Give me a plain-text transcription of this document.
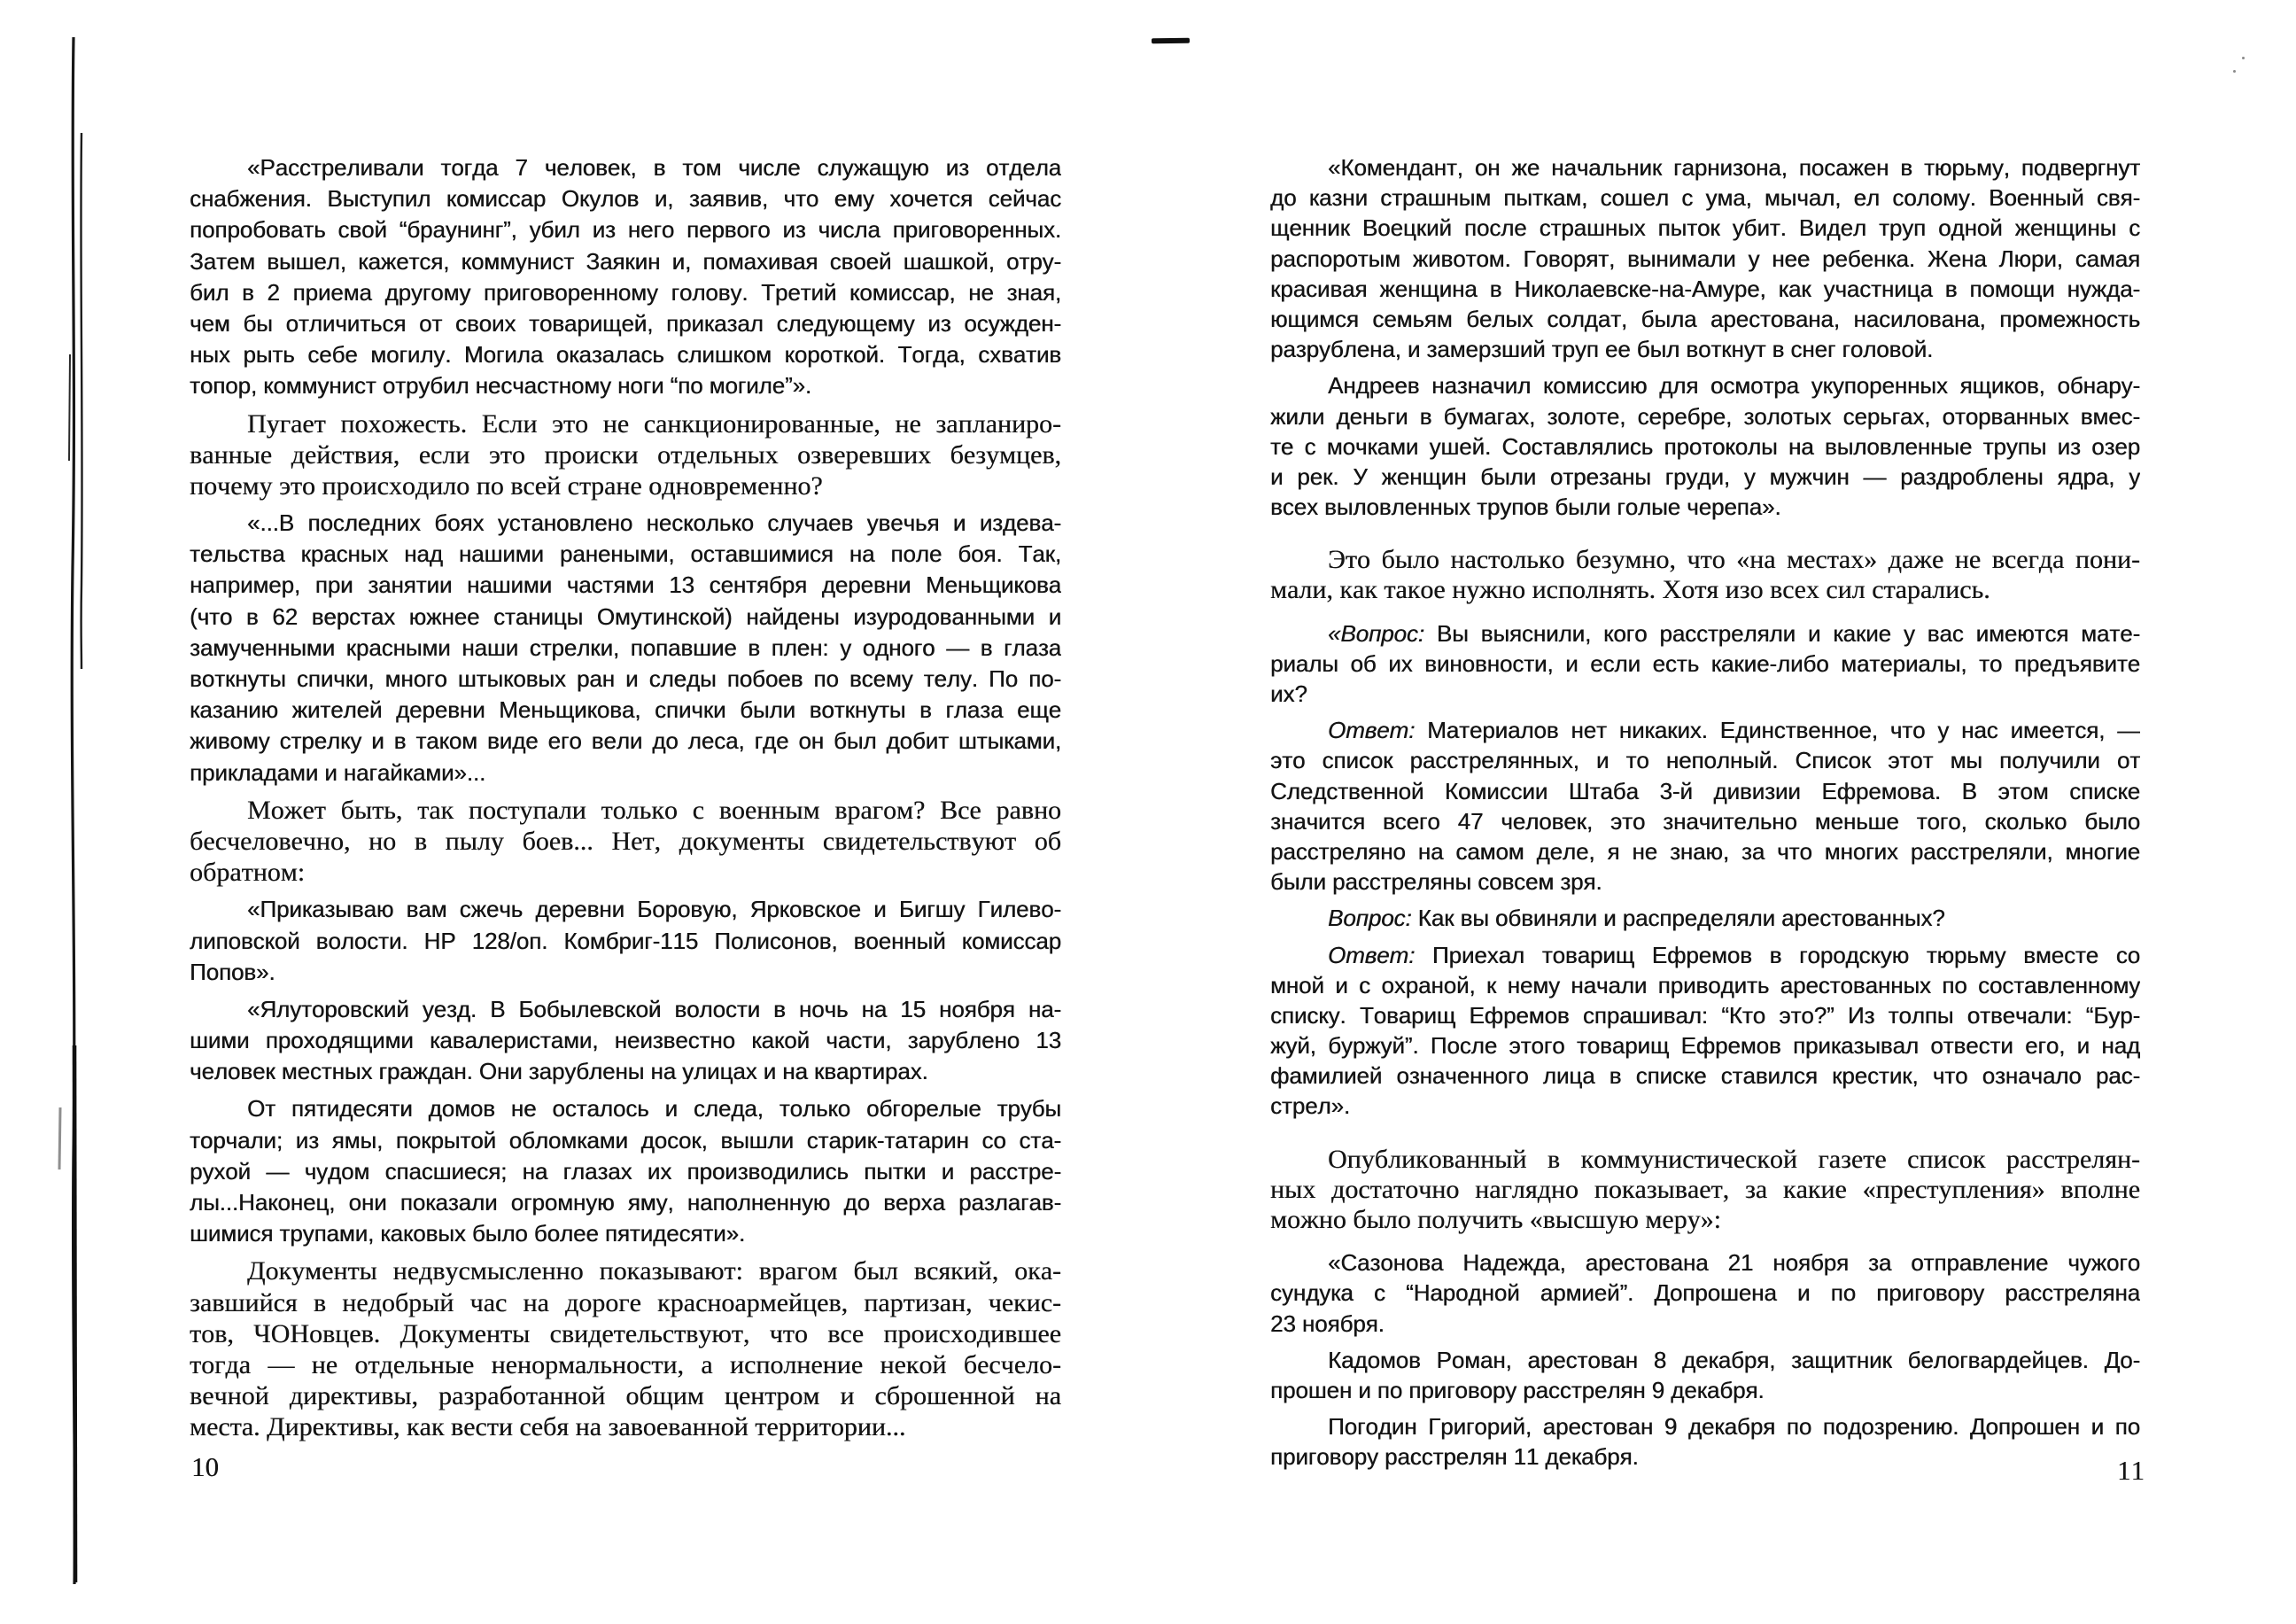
«Расстреливали тогда 7 человек, в том числе служащую из отдела
снабжения. Выступил комиссар Окулов и, заявив, что ему хочется сейчас
попробовать свой “браунинг”, убил из него первого из числа приговоренных.
Затем вышел, кажется, коммунист Заякин и, помахивая своей шашкой, отру-
бил в 2 приема другому приговоренному голову. Третий комиссар, не зная,
чем бы отличиться от своих товарищей, приказал следующему из осужден-
ных рыть себе могилу. Могила оказалась слишком короткой. Тогда, схватив
топор, коммунист отрубил несчастному ноги “по могиле”».

Пугает похожесть. Если это не санкционированные, не запланиро-
ванные действия, если это происки отдельных озверевших безумцев,
почему это происходило по всей стране одновременно?

«...В последних боях установлено несколько случаев увечья и издева-
тельства красных над нашими ранеными, оставшимися на поле боя. Так,
например, при занятии нашими частями 13 сентября деревни Меньщикова
(что в 62 верстах южнее станицы Омутинской) найдены изуродованными и
замученными красными наши стрелки, попавшие в плен: у одного — в глаза
воткнуты спички, много штыковых ран и следы побоев по всему телу. По по-
казанию жителей деревни Меньщикова, спички были воткнуты в глаза еще
живому стрелку и в таком виде его вели до леса, где он был добит штыками,
прикладами и нагайками»...

Может быть, так поступали только с военным врагом? Все равно
бесчеловечно, но в пылу боев... Нет, документы свидетельствуют об
обратном:

«Приказываю вам сжечь деревни Боровую, Ярковское и Бигшу Гилево-
липовской волости. НР 128/оп. Комбриг-115 Полисонов, военный комиссар
Попов».

«Ялуторовский уезд. В Бобылевской волости в ночь на 15 ноября на-
шими проходящими кавалеристами, неизвестно какой части, зарублено 13
человек местных граждан. Они зарублены на улицах и на квартирах.

От пятидесяти домов не осталось и следа, только обгорелые трубы
торчали; из ямы, покрытой обломками досок, вышли старик-татарин со ста-
рухой — чудом спасшиеся; на глазах их производились пытки и расстре-
лы...Наконец, они показали огромную яму, наполненную до верха разлагав-
шимися трупами, каковых было более пятидесяти».

Документы недвусмысленно показывают: врагом был всякий, ока-
завшийся в недобрый час на дороге красноармейцев, партизан, чекис-
тов, ЧОНовцев. Документы свидетельствуют, что все происходившее
тогда — не отдельные ненормальности, а исполнение некой бесчело-
вечной директивы, разработанной общим центром и сброшенной на
места. Директивы, как вести себя на завоеванной территории...

«Комендант, он же начальник гарнизона, посажен в тюрьму, подвергнут
до казни страшным пыткам, сошел с ума, мычал, ел солому. Военный свя-
щенник Воецкий после страшных пыток убит. Видел труп одной женщины с
распоротым животом. Говорят, вынимали у нее ребенка. Жена Люри, самая
красивая женщина в Николаевске-на-Амуре, как участница в помощи нужда-
ющимся семьям белых солдат, была арестована, насилована, промежность
разрублена, и замерзший труп ее был воткнут в снег головой.

Андреев назначил комиссию для осмотра укупоренных ящиков, обнару-
жили деньги в бумагах, золоте, серебре, золотых серьгах, оторванных вмес-
те с мочками ушей. Составлялись протоколы на выловленные трупы из озер
и рек. У женщин были отрезаны груди, у мужчин — раздроблены ядра, у
всех выловленных трупов были голые черепа».

Это было настолько безумно, что «на местах» даже не всегда пони-
мали, как такое нужно исполнять. Хотя изо всех сил старались.

«Вопрос: Вы выяснили, кого расстреляли и какие у вас имеются мате-
риалы об их виновности, и если есть какие-либо материалы, то предъявите
их?

Ответ: Материалов нет никаких. Единственное, что у нас имеется, —
это список расстрелянных, и то неполный. Список этот мы получили от
Следственной Комиссии Штаба 3-й дивизии Ефремова. В этом списке
значится всего 47 человек, это значительно меньше того, сколько было
расстреляно на самом деле, я не знаю, за что многих расстреляли, многие
были расстреляны совсем зря.

Вопрос: Как вы обвиняли и распределяли арестованных?

Ответ: Приехал товарищ Ефремов в городскую тюрьму вместе со
мной и с охраной, к нему начали приводить арестованных по составленному
списку. Товарищ Ефремов спрашивал: “Кто это?” Из толпы отвечали: “Бур-
жуй, буржуй”. После этого товарищ Ефремов приказывал отвести его, и над
фамилией означенного лица в списке ставился крестик, что означало рас-
стрел».

Опубликованный в коммунистической газете список расстрелян-
ных достаточно наглядно показывает, за какие «преступления» вполне
можно было получить «высшую меру»:

«Сазонова Надежда, арестована 21 ноября за отправление чужого
сундука с “Народной армией”. Допрошена и по приговору расстреляна
23 ноября.

Кадомов Роман, арестован 8 декабря, защитник белогвардейцев. До-
прошен и по приговору расстрелян 9 декабря.

Погодин Григорий, арестован 9 декабря по подозрению. Допрошен и по
приговору расстрелян 11 декабря.

10	11
